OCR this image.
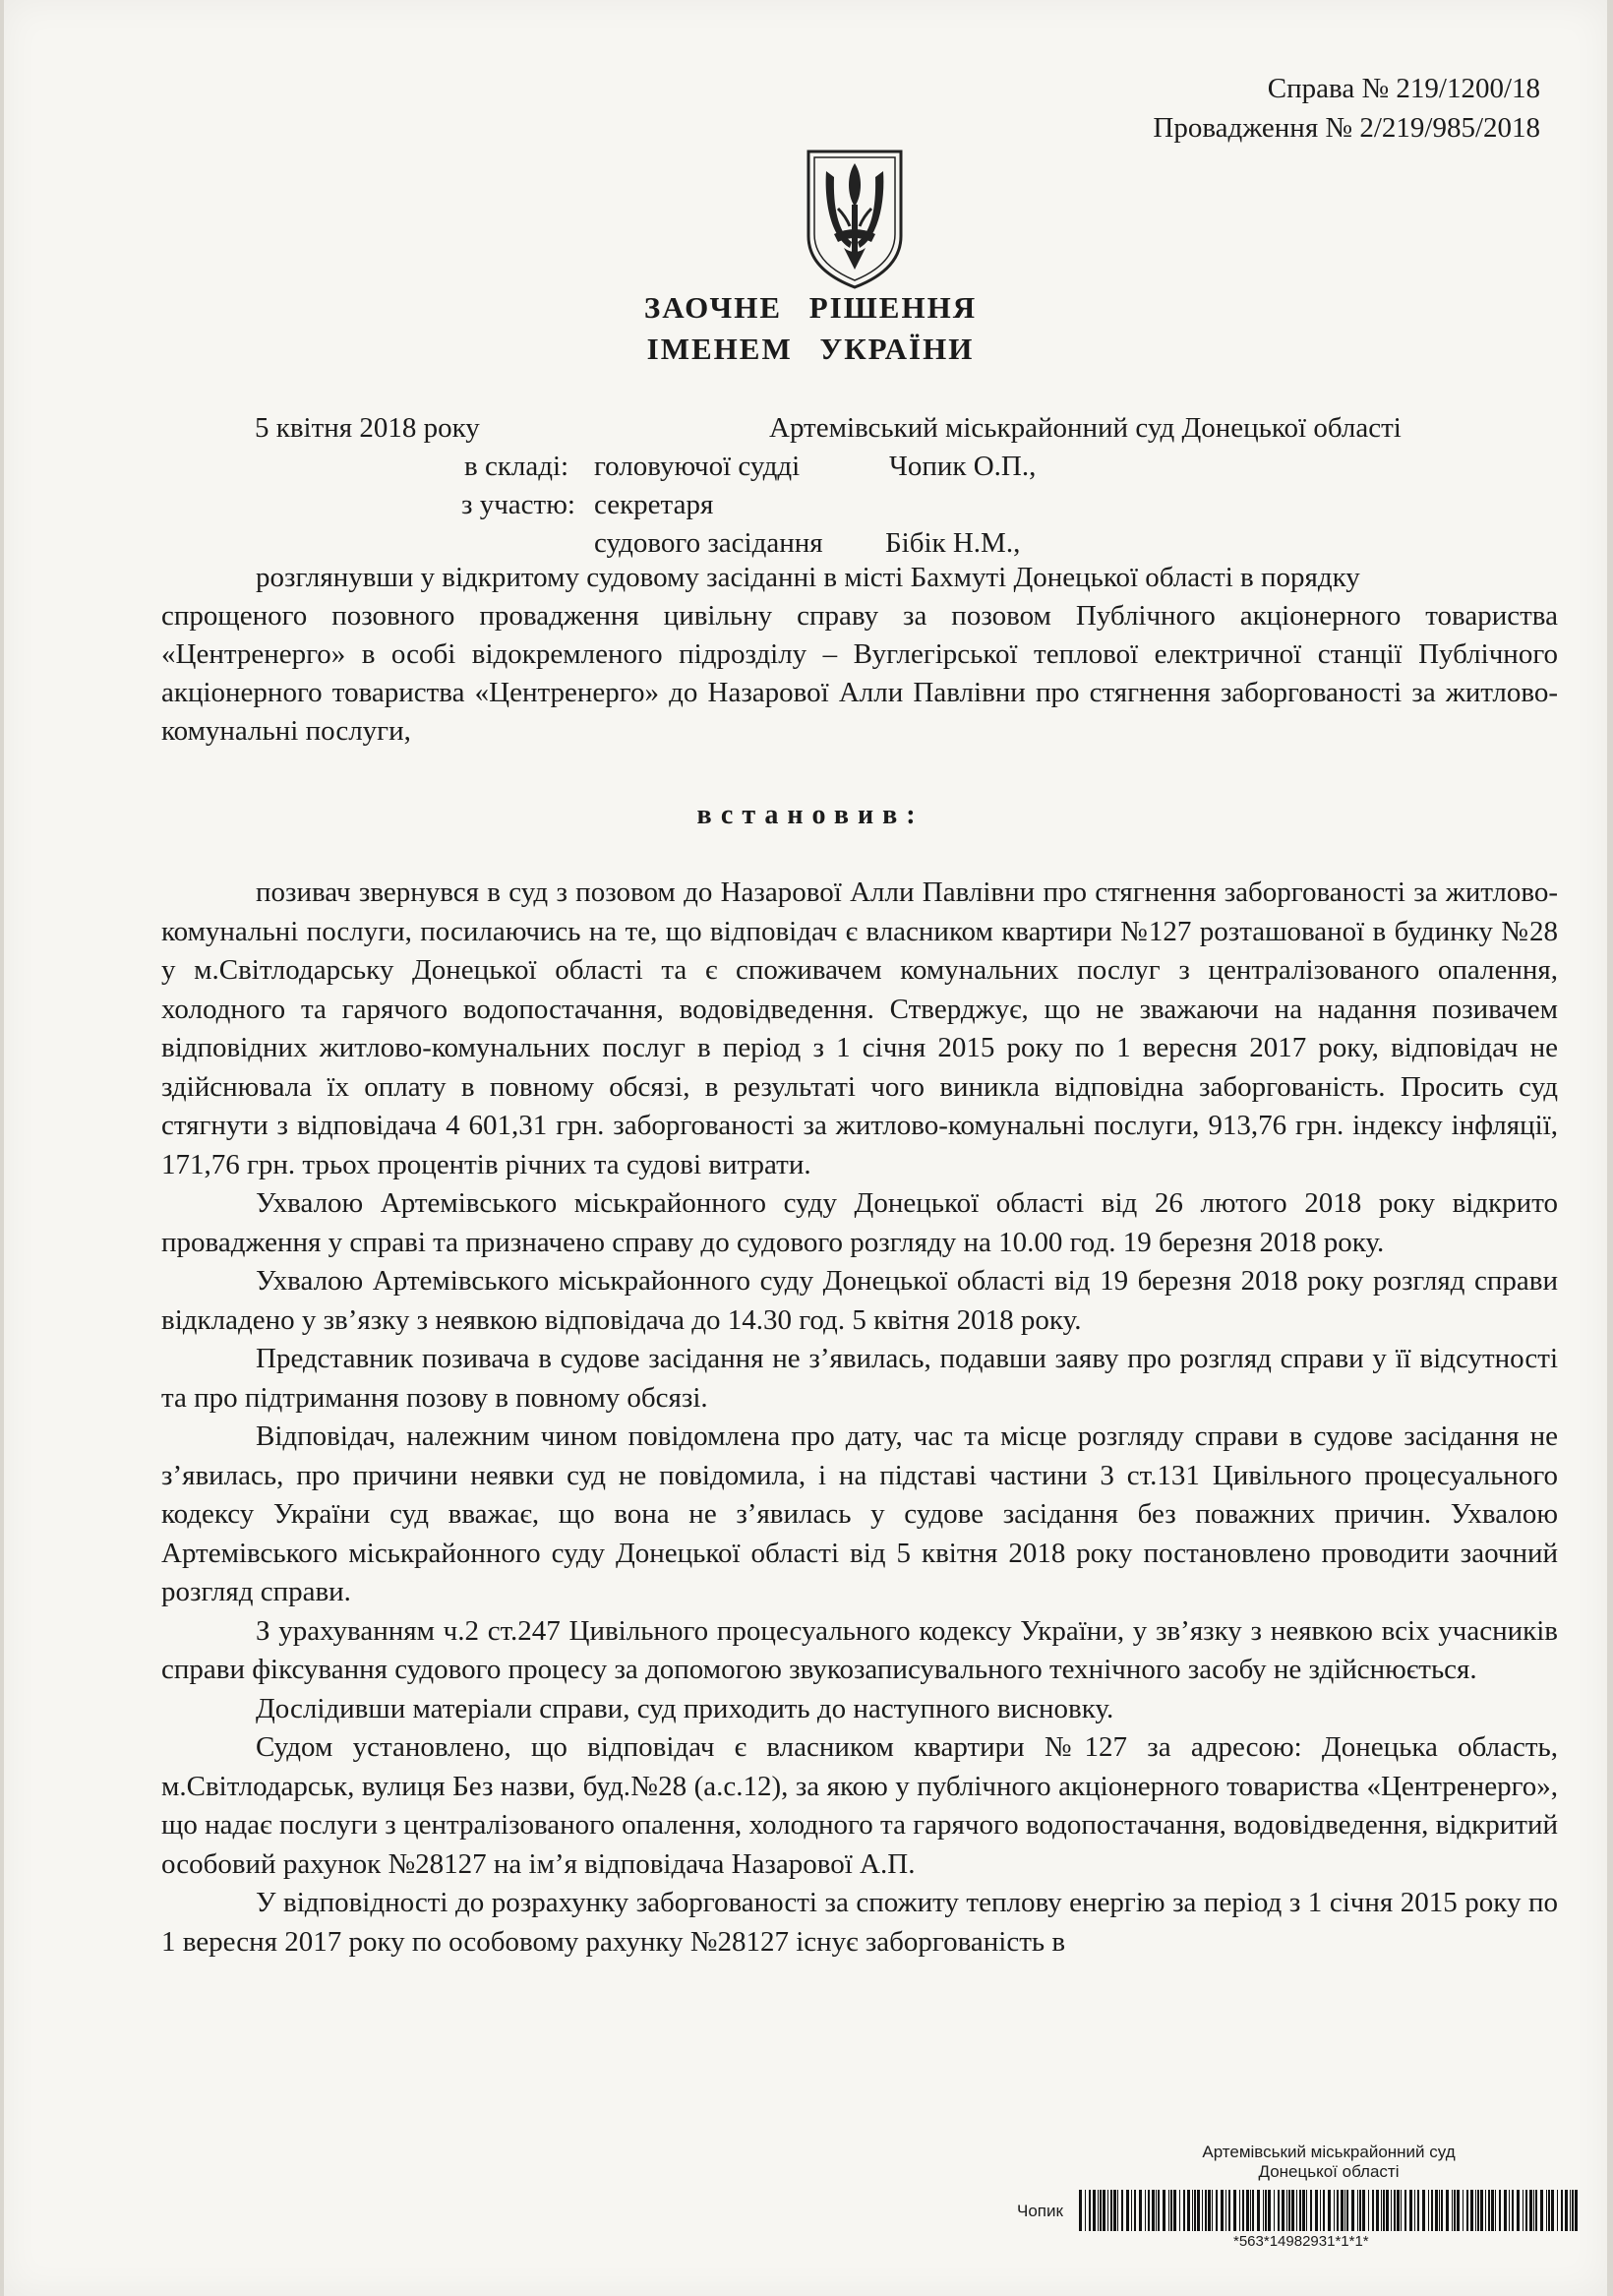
Справа № 219/1200/18
Провадження № 2/219/985/2018
ЗАОЧНЕ РІШЕННЯ
ІМЕНЕМ УКРАЇНИ
5 квітня 2018 року	Артемівський міськрайонний суд Донецької області
в складі: головуючої судді	Чопик О.П.,
з участю: секретаря
судового засідання Бібік Н.М.,

розглянувши у відкритому судовому засіданні в місті Бахмуті Донецької області в порядку

спрощеного позовного провадження цивільну справу за позовом Публічного акціонерного товариства «Центренерго» в особі відокремленого підрозділу – Вуглегірської теплової електричної станції Публічного акціонерного товариства «Центренерго» до Назарової Алли Павлівни про стягнення заборгованості за житлово-комунальні послуги,

встановив:

позивач звернувся в суд з позовом до Назарової Алли Павлівни про стягнення заборгованості за житлово-комунальні послуги, посилаючись на те, що відповідач є власником квартири №127 розташованої в будинку №28 у м.Світлодарську Донецької області та є споживачем комунальних послуг з централізованого опалення, холодного та гарячого водопостачання, водовідведення. Стверджує, що не зважаючи на надання позивачем відповідних житлово-комунальних послуг в період з 1 січня 2015 року по 1 вересня 2017 року, відповідач не здійснювала їх оплату в повному обсязі, в результаті чого виникла відповідна заборгованість. Просить суд стягнути з відповідача 4 601,31 грн. заборгованості за житлово-комунальні послуги, 913,76 грн. індексу інфляції, 171,76 грн. трьох процентів річних та судові витрати.

Ухвалою Артемівського міськрайонного суду Донецької області від 26 лютого 2018 року відкрито провадження у справі та призначено справу до судового розгляду на 10.00 год. 19 березня 2018 року.

Ухвалою Артемівського міськрайонного суду Донецької області від 19 березня 2018 року розгляд справи відкладено у зв’язку з неявкою відповідача до 14.30 год. 5 квітня 2018 року.

Представник позивача в судове засідання не з’явилась, подавши заяву про розгляд справи у її відсутності та про підтримання позову в повному обсязі.

Відповідач, належним чином повідомлена про дату, час та місце розгляду справи в судове засідання не з’явилась, про причини неявки суд не повідомила, і на підставі частини 3 ст.131 Цивільного процесуального кодексу України суд вважає, що вона не з’явилась у судове засідання без поважних причин. Ухвалою Артемівського міськрайонного суду Донецької області від 5 квітня 2018 року постановлено проводити заочний розгляд справи.

З урахуванням ч.2 ст.247 Цивільного процесуального кодексу України, у зв’язку з неявкою всіх учасників справи фіксування судового процесу за допомогою звукозаписувального технічного засобу не здійснюється.

Дослідивши матеріали справи, суд приходить до наступного висновку.

Судом установлено, що відповідач є власником квартири №127 за адресою: Донецька область, м.Світлодарськ, вулиця Без назви, буд.№28 (а.с.12), за якою у публічного акціонерного товариства «Центренерго», що надає послуги з централізованого опалення, холодного та гарячого водопостачання, водовідведення, відкритий особовий рахунок №28127 на ім’я відповідача Назарової А.П.

У відповідності до розрахунку заборгованості за спожиту теплову енергію за період з 1 січня 2015 року по 1 вересня 2017 року по особовому рахунку №28127 існує заборгованість в

Артемівський міськрайонний суд
Донецької області
Чопик
*563*14982931*1*1*
